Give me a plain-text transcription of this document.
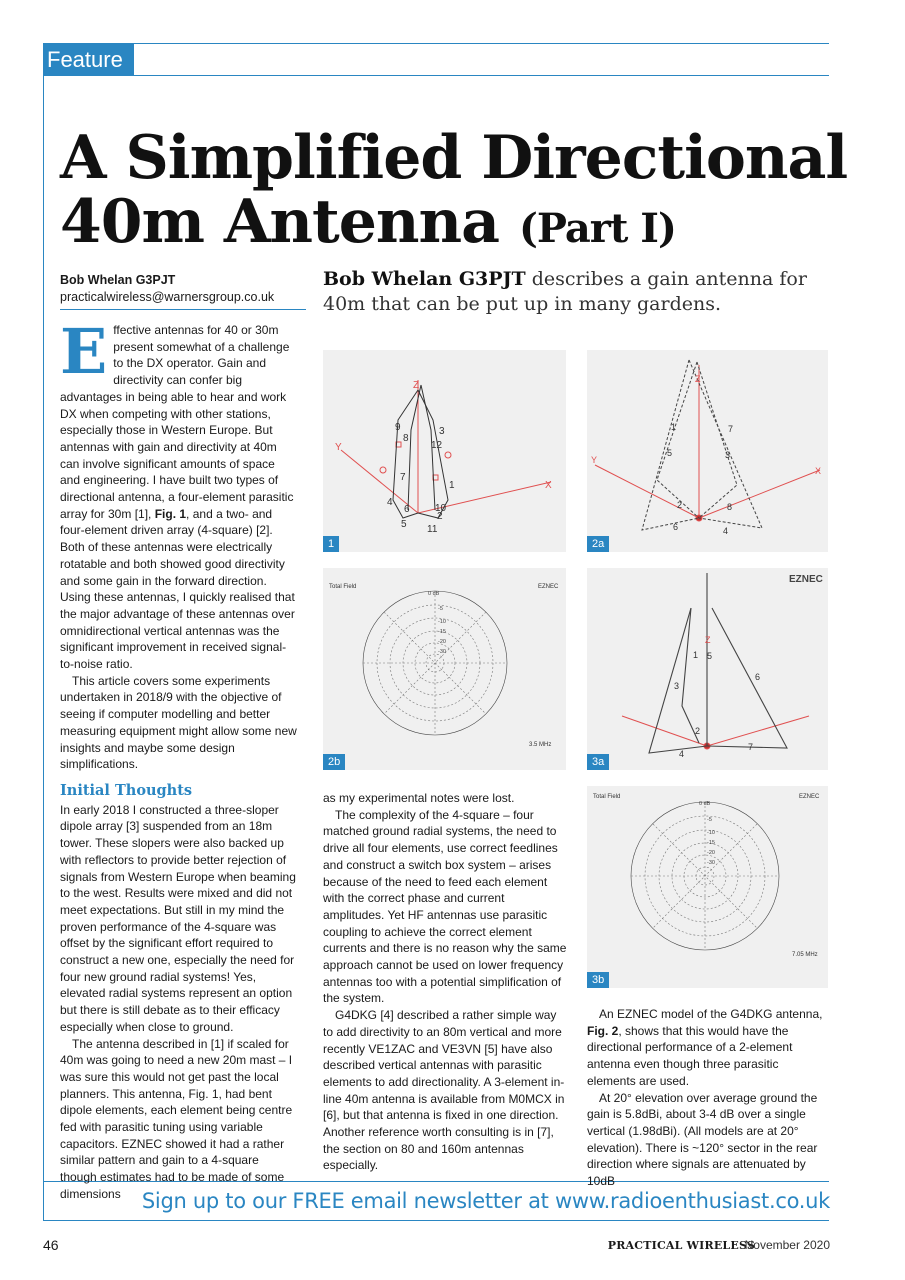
Feature
A Simplified Directional
40m Antenna (Part I)
Bob Whelan G3PJT
practicalwireless@warnersgroup.co.uk
Bob Whelan G3PJT describes a gain antenna for 40m that can be put up in many gardens.

Effective antennas for 40 or 30m present somewhat of a challenge to the DX operator. Gain and directivity can confer big advantages in being able to hear and work DX when competing with other stations, especially those in Western Europe. But antennas with gain and directivity at 40m can involve significant amounts of space and engineering. I have built two types of directional antenna, a four-element parasitic array for 30m [1], Fig. 1, and a two- and four-element driven array (4-square) [2]. Both of these antennas were electrically rotatable and both showed good directivity and some gain in the forward direction. Using these antennas, I quickly realised that the major advantage of these antennas over omnidirectional vertical antennas was the significant improvement in received signal-to-noise ratio.

This article covers some experiments undertaken in 2018/9 with the objective of seeing if computer modelling and better measuring equipment might allow some new insights and maybe some design simplifications.

Initial Thoughts

In early 2018 I constructed a three-sloper dipole array [3] suspended from an 18m tower. These slopers were also backed up with reflectors to provide better rejection of signals from Western Europe when beaming to the west. Results were mixed and did not meet expectations. But still in my mind the proven performance of the 4-square was offset by the significant effort required to construct a new one, especially the need for four new ground radial systems! Yes, elevated radial systems represent an option but there is still debate as to their efficacy especially when close to ground.

The antenna described in [1] if scaled for 40m was going to need a new 20m mast – I was sure this would not get past the local planners. This antenna, Fig. 1, had bent dipole elements, each element being centre fed with parasitic tuning using variable capacitors. EZNEC showed it had a rather similar pattern and gain to a 4-square though estimates had to be made of some dimensions

as my experimental notes were lost.

The complexity of the 4-square – four matched ground radial systems, the need to drive all four elements, use correct feedlines and construct a switch box system – arises because of the need to feed each element with the correct phase and current amplitudes. Yet HF antennas use parasitic coupling to achieve the correct element currents and there is no reason why the same approach cannot be used on lower frequency antennas too with a potential simplification of the system.

G4DKG [4] described a rather simple way to add directivity to an 80m vertical and more recently VE1ZAC and VE3VN [5] have also described vertical antennas with parasitic elements to add directionality. A 3-element in-line 40m antenna is available from M0MCX in [6], but that antenna is fixed in one direction. Another reference worth consulting is in [7], the section on 80 and 160m antennas especially.

An EZNEC model of the G4DKG antenna, Fig. 2, shows that this would have the directional performance of a 2-element antenna even though three parasitic elements are used.

At 20° elevation over average ground the gain is 5.8dBi, about 3-4 dB over a single vertical (1.98dBi). (All models are at 20° elevation). There is ~120° sector in the rear direction where signals are attenuated by 10dB

Z
8
9	3
12
7
1
4
6	10
2
5 11
X
Y
1
Z
1	7
5	3
2	8
6	4
X
Y
2a
Total Field	EZNEC
3.5 MHz
0 dB
-5
-10
-15
-20
-30
2b
EZNEC
Z
1 5
3
6
2
4
7
3a
Total Field	EZNEC
7.05 MHz
0 dB
-5
-10
-15
-20
-30
3b
Sign up to our FREE email newsletter at www.radioenthusiast.co.uk
46	PRACTICAL WIRELESS
November 2020
